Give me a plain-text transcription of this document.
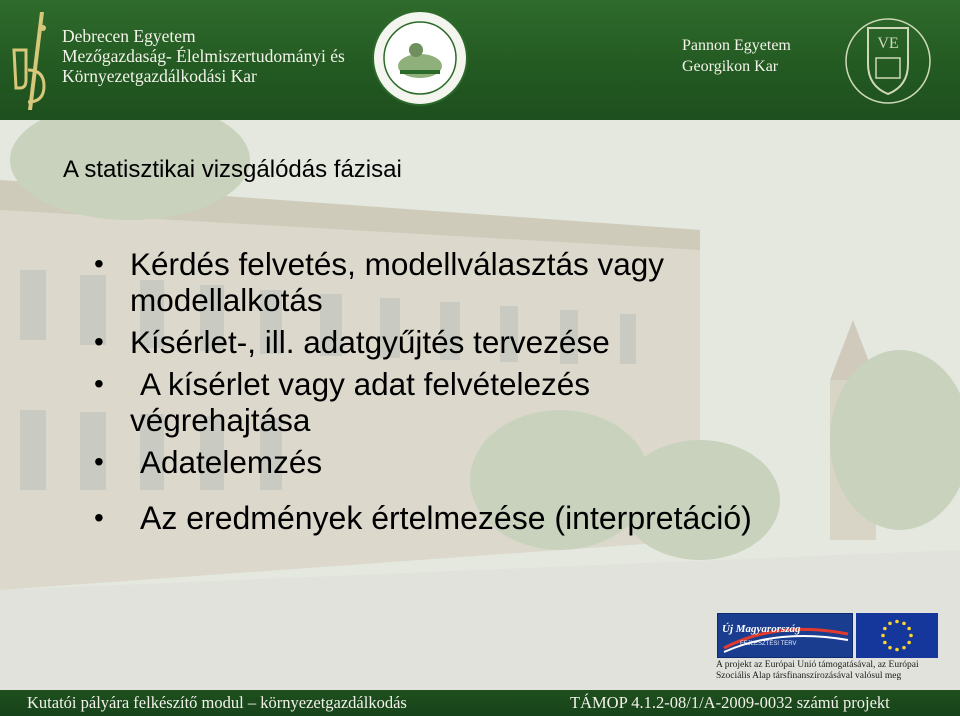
Debrecen Egyetem
Mezőgazdaság- Élelmiszertudományi és
Környezetgazdálkodási Kar
Pannon Egyetem
Georgikon Kar
VE
A statisztikai vizsgálódás fázisai
• Kérdés felvetés, modellválasztás vagy
modellalkotás
• Kísérlet-, ill. adatgyűjtés tervezése
•	A kísérlet vagy adat felvételezés
végrehajtása
•	Adatelemzés
•	Az eredmények értelmezése (interpretáció)
Új Magyarország
FEJLESZTÉSI TERV
A projekt az Európai Unió támogatásával, az Európai
Szociális Alap társfinanszírozásával valósul meg
Kutatói pályára felkészítő modul – környezetgazdálkodás	TÁMOP 4.1.2-08/1/A-2009-0032 számú projekt
